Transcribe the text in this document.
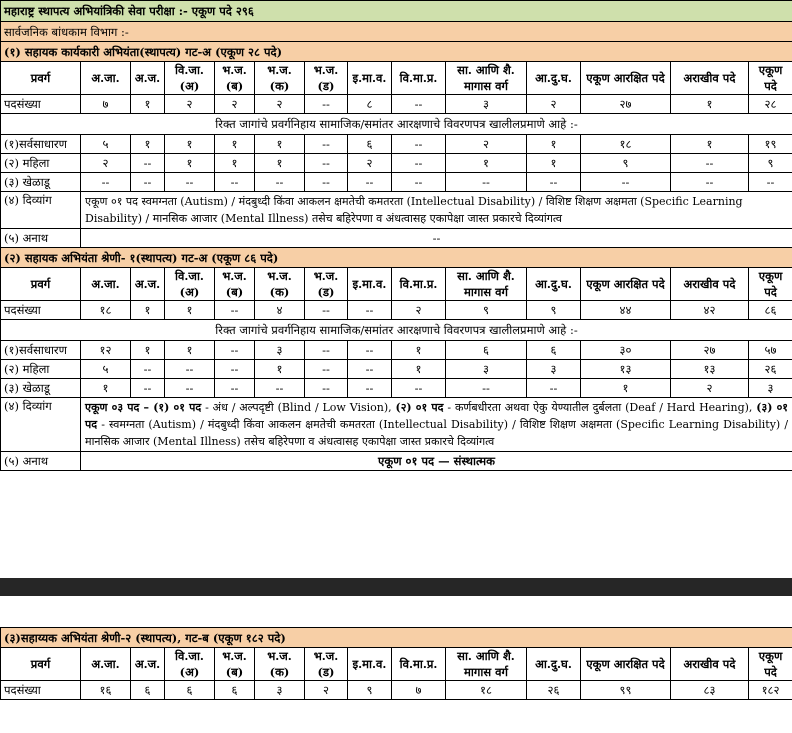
महाराष्ट्र स्थापत्य अभियांत्रिकी सेवा परीक्षा :- एकूण पदे २९६													
सार्वजनिक बांधकाम विभाग :-													
(१) सहायक कार्यकारी अभियंता(स्थापत्य) गट-अ (एकूण २८ पदे)													
प्रवर्ग	अ.जा.	अ.ज.	वि.जा. (अ)	भ.ज. (ब)	भ.ज. (क)	भ.ज. (ड)	इ.मा.व.	वि.मा.प्र.	सा. आणि शै. मागास वर्ग	आ.दु.घ.	एकूण आरक्षित पदे	अराखीव पदे	एकूण पदे
पदसंख्या	७	१	२	२	२	--	८	--	३	२	२७	१	२८
रिक्त जागांचे प्रवर्गनिहाय सामाजिक/समांतर आरक्षणाचे विवरणपत्र खालीलप्रमाणे आहे :-													
(१)सर्वसाधारण	५	१	१	१	१	--	६	--	२	१	१८	१	१९
(२) महिला	२	--	१	१	१	--	२	--	१	१	९	--	९
(३) खेळाडू	--	--	--	--	--	--	--	--	--	--	--	--	--
(४) दिव्यांग	एकूण ०१ पद स्वमग्नता (Autism) / मंदबुध्दी किंवा आकलन क्षमतेची कमतरता (Intellectual Disability) / विशिष्ट शिक्षण अक्षमता (Specific Learning Disability) / मानसिक आजार (Mental Illness) तसेच बहिरेपणा व अंधत्वासह एकापेक्षा जास्त प्रकारचे दिव्यांगत्व												
(५) अनाथ	--												
(२) सहायक अभियंता श्रेणी- १(स्थापत्य) गट-अ (एकूण ८६ पदे)													
प्रवर्ग	अ.जा.	अ.ज.	वि.जा. (अ)	भ.ज. (ब)	भ.ज. (क)	भ.ज. (ड)	इ.मा.व.	वि.मा.प्र.	सा. आणि शै. मागास वर्ग	आ.दु.घ.	एकूण आरक्षित पदे	अराखीव पदे	एकूण पदे
पदसंख्या	१८	१	१	--	४	--	--	२	९	९	४४	४२	८६
रिक्त जागांचे प्रवर्गनिहाय सामाजिक/समांतर आरक्षणाचे विवरणपत्र खालीलप्रमाणे आहे :-													
(१)सर्वसाधारण	१२	१	१	--	३	--	--	१	६	६	३०	२७	५७
(२) महिला	५	--	--	--	१	--	--	१	३	३	१३	१३	२६
(३) खेळाडू	१	--	--	--	--	--	--	--	--	--	१	२	३
(४) दिव्यांग	एकूण ०३ पद – (१) ०१ पद - अंध / अल्पदृष्टी (Blind / Low Vision), (२) ०१ पद - कर्णबधीरता अथवा ऐकु येण्यातील दुर्बलता (Deaf / Hard Hearing), (३) ०१ पद - स्वमग्नता (Autism) / मंदबुध्दी किंवा आकलन क्षमतेची कमतरता (Intellectual Disability) / विशिष्ट शिक्षण अक्षमता (Specific Learning Disability) / मानसिक आजार (Mental Illness) तसेच बहिरेपणा व अंधत्वासह एकापेक्षा जास्त प्रकारचे दिव्यांगत्व												
(५) अनाथ	एकूण ०१ पद — संस्थात्मक												
(३)सहाय्यक अभियंता श्रेणी-२ (स्थापत्य), गट-ब (एकूण १८२ पदे)													
प्रवर्ग	अ.जा.	अ.ज.	वि.जा. (अ)	भ.ज. (ब)	भ.ज. (क)	भ.ज. (ड)	इ.मा.व.	वि.मा.प्र.	सा. आणि शै. मागास वर्ग	आ.दु.घ.	एकूण आरक्षित पदे	अराखीव पदे	एकूण पदे
पदसंख्या	१६	६	६	६	३	२	९	७	१८	२६	९९	८३	१८२
